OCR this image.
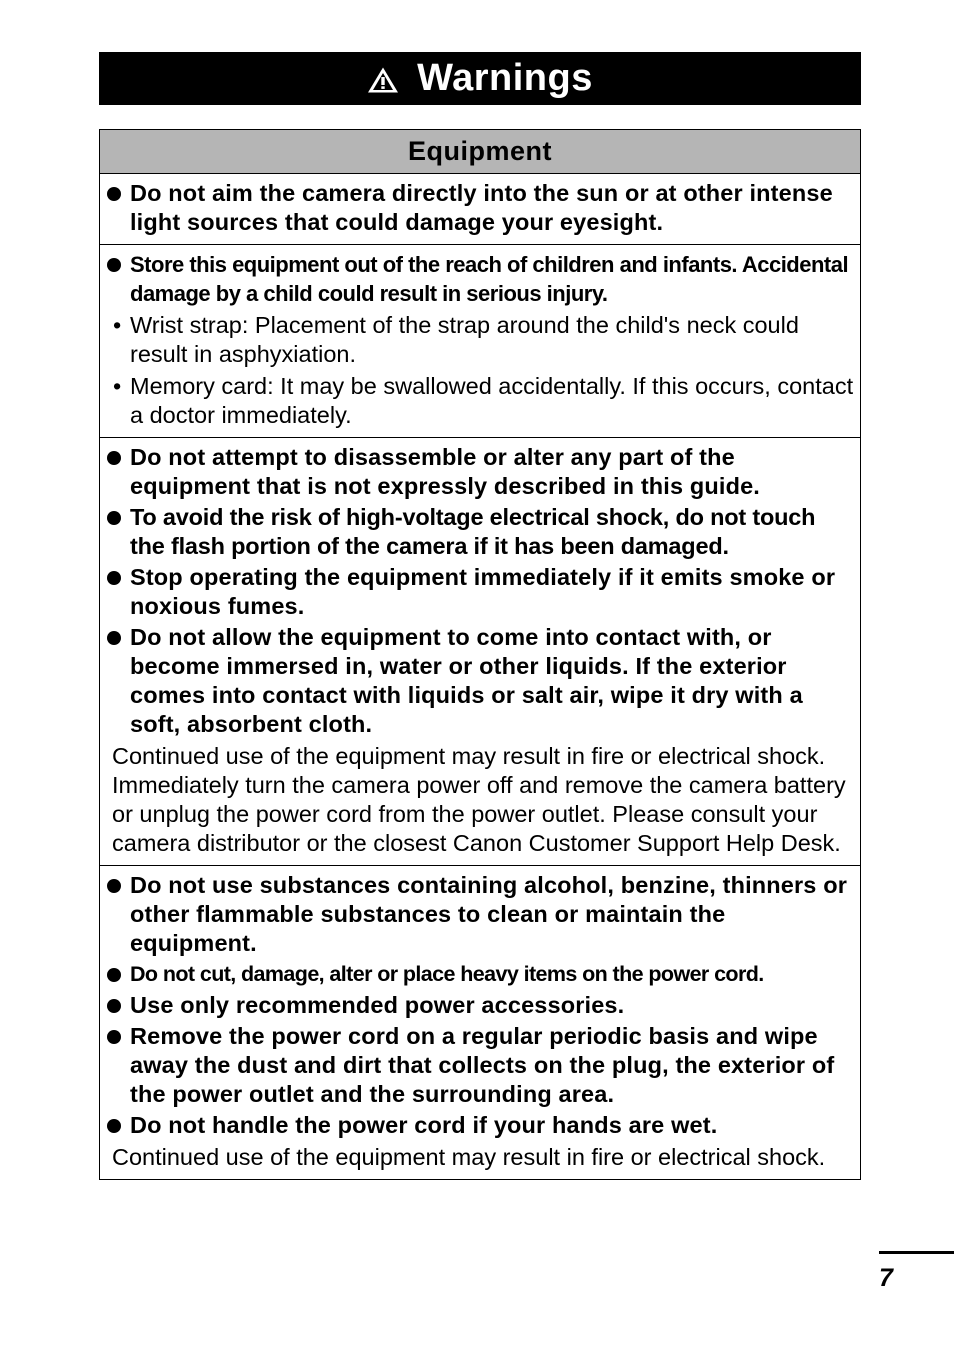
Warnings
Equipment
Do not aim the camera directly into the sun or at other intense light sources that could damage your eyesight.
Store this equipment out of the reach of children and infants. Accidental damage by a child could result in serious injury.
• Wrist strap: Placement of the strap around the child's neck could result in asphyxiation.
• Memory card: It may be swallowed accidentally. If this occurs, contact a doctor immediately.
Do not attempt to disassemble or alter any part of the equipment that is not expressly described in this guide.
To avoid the risk of high-voltage electrical shock, do not touch the flash portion of the camera if it has been damaged.
Stop operating the equipment immediately if it emits smoke or noxious fumes.
Do not allow the equipment to come into contact with, or become immersed in, water or other liquids. If the exterior comes into contact with liquids or salt air, wipe it dry with a soft, absorbent cloth.
Continued use of the equipment may result in fire or electrical shock. Immediately turn the camera power off and remove the camera battery or unplug the power cord from the power outlet. Please consult your camera distributor or the closest Canon Customer Support Help Desk.
Do not use substances containing alcohol, benzine, thinners or other flammable substances to clean or maintain the equipment.
Do not cut, damage, alter or place heavy items on the power cord.
Use only recommended power accessories.
Remove the power cord on a regular periodic basis and wipe away the dust and dirt that collects on the plug, the exterior of the power outlet and the surrounding area.
Do not handle the power cord if your hands are wet.
Continued use of the equipment may result in fire or electrical shock.
7
